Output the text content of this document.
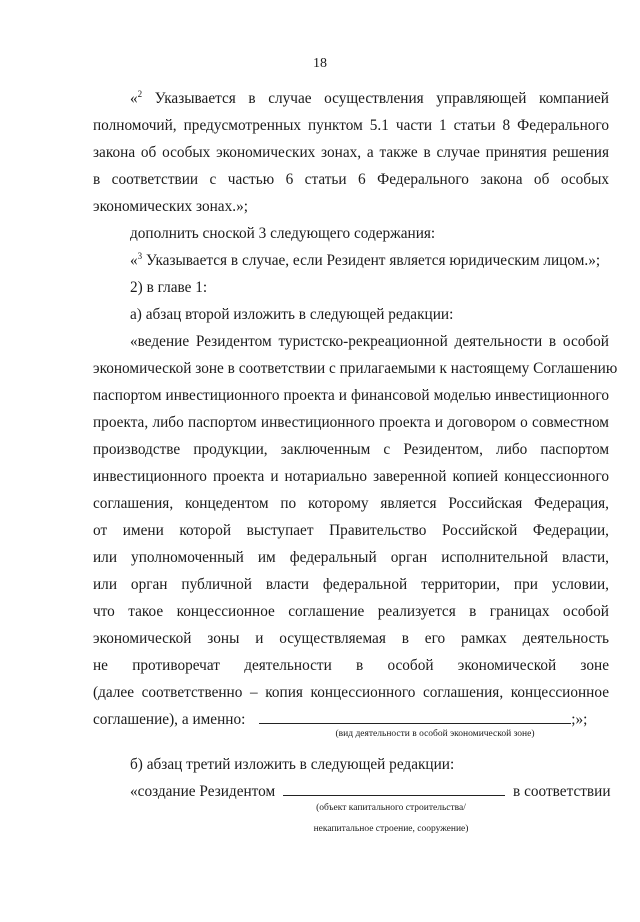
18
«$^2$ Указывается в случае осуществления управляющей компанией
полномочий, предусмотренных пунктом 5.1 части 1 статьи 8 Федерального
закона об особых экономических зонах, а также в случае принятия решения
в соответствии с частью 6 статьи 6 Федерального закона об особых
экономических зонах.»;
дополнить сноской 3 следующего содержания:
«$^3$ Указывается в случае, если Резидент является юридическим лицом.»;
2) в главе 1:
а) абзац второй изложить в следующей редакции:
«ведение Резидентом туристско-рекреационной деятельности в особой
экономической зоне в соответствии с прилагаемыми к настоящему Соглашению
паспортом инвестиционного проекта и финансовой моделью инвестиционного
проекта, либо паспортом инвестиционного проекта и договором о совместном
производстве продукции, заключенным с Резидентом, либо паспортом
инвестиционного проекта и нотариально заверенной копией концессионного
соглашения, концедентом по которому является Российская Федерация,
от имени которой выступает Правительство Российской Федерации,
или уполномоченный им федеральный орган исполнительной власти,
или орган публичной власти федеральной территории, при условии,
что такое концессионное соглашение реализуется в границах особой
экономической зоны и осуществляемая в его рамках деятельность
не противоречат деятельности в особой экономической зоне
(далее соответственно – копия концессионного соглашения, концессионное
соглашение), а именно:	;»;
(вид деятельности в особой экономической зоне)
б) абзац третий изложить в следующей редакции:
«создание Резидентом	в соответствии
(объект капитального строительства/
некапитальное строение, сооружение)
